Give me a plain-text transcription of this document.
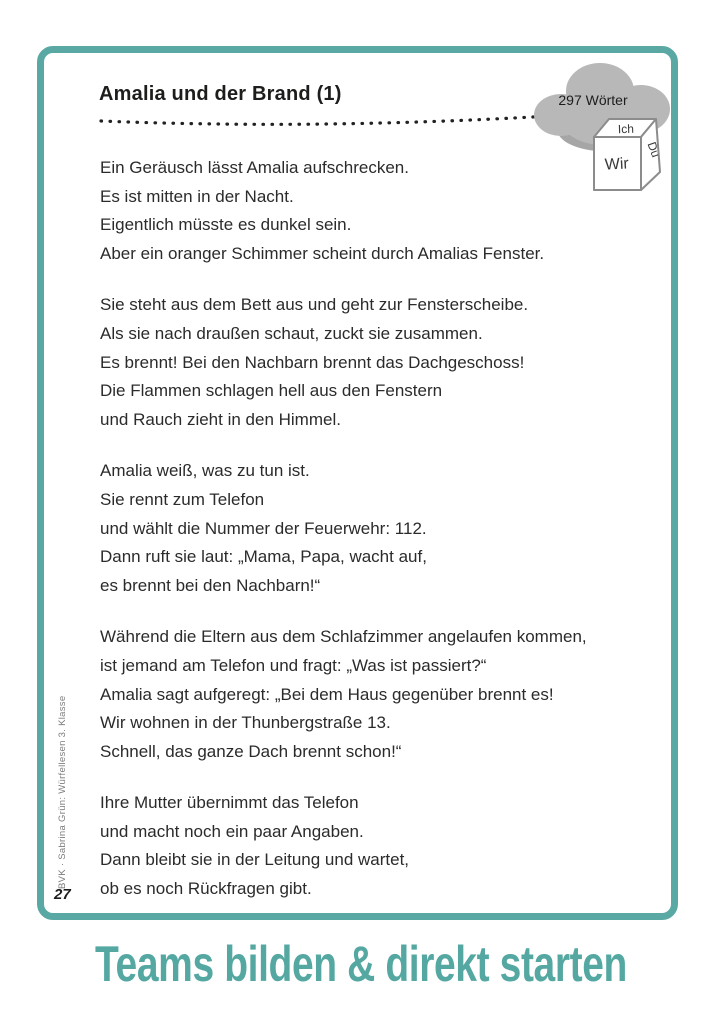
Amalia und der Brand (1)	297 Wörter
Ich
Wir
Du

Ein Geräusch lässt Amalia aufschrecken.
Es ist mitten in der Nacht.
Eigentlich müsste es dunkel sein.
Aber ein oranger Schimmer scheint durch Amalias Fenster.

Sie steht aus dem Bett aus und geht zur Fensterscheibe.
Als sie nach draußen schaut, zuckt sie zusammen.
Es brennt! Bei den Nachbarn brennt das Dachgeschoss!
Die Flammen schlagen hell aus den Fenstern
und Rauch zieht in den Himmel.

Amalia weiß, was zu tun ist.
Sie rennt zum Telefon
und wählt die Nummer der Feuerwehr: 112.
Dann ruft sie laut: „Mama, Papa, wacht auf,
es brennt bei den Nachbarn!“

Während die Eltern aus dem Schlafzimmer angelaufen kommen,
ist jemand am Telefon und fragt: „Was ist passiert?“
Amalia sagt aufgeregt: „Bei dem Haus gegenüber brennt es!
Wir wohnen in der Thunbergstraße 13.
Schnell, das ganze Dach brennt schon!“

Ihre Mutter übernimmt das Telefon
und macht noch ein paar Angaben.
Dann bleibt sie in der Leitung und wartet,
ob es noch Rückfragen gibt.

BVK · Sabrina Grün: Würfellesen 3. Klasse
27
Teams bilden & direkt starten
